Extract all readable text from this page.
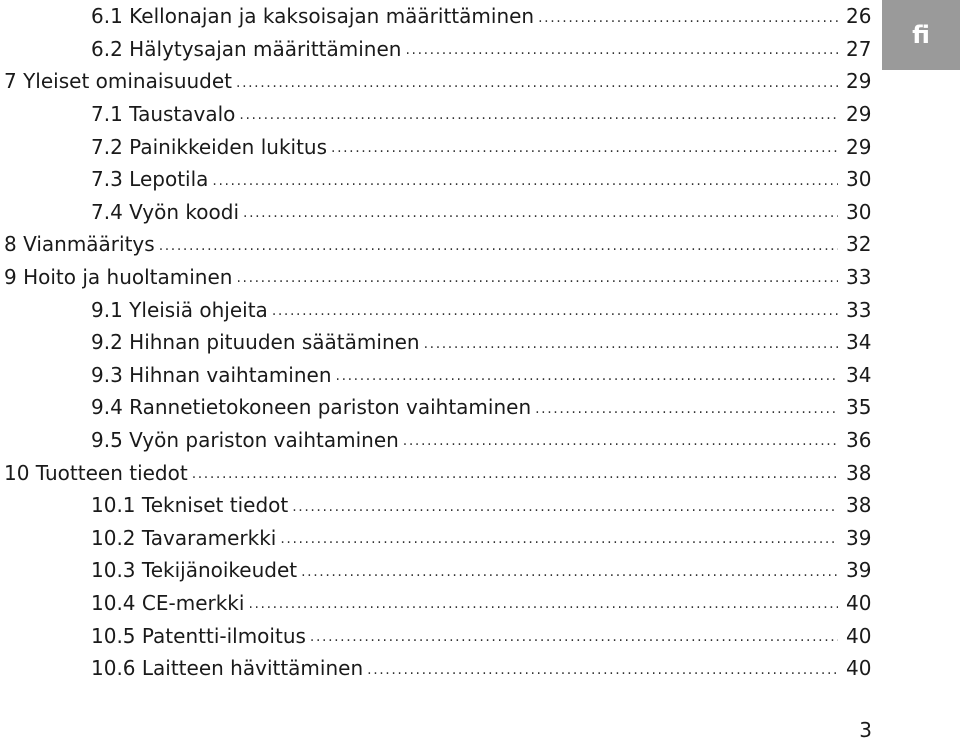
fi
6.1 Kellonajan ja kaksoisajan määrittäminen .....	26
6.2 Hälytysajan määrittäminen .....	27
7 Yleiset ominaisuudet .....	29
7.1 Taustavalo .....	29
7.2 Painikkeiden lukitus .....	29
7.3 Lepotila .....	30
7.4 Vyön koodi .....	30
8 Vianmääritys .....	32
9 Hoito ja huoltaminen .....	33
9.1 Yleisiä ohjeita .....	33
9.2 Hihnan pituuden säätäminen .....	34
9.3 Hihnan vaihtaminen .....	34
9.4 Rannetietokoneen pariston vaihtaminen .....	35
9.5 Vyön pariston vaihtaminen .....	36
10 Tuotteen tiedot .....	38
10.1 Tekniset tiedot .....	38
10.2 Tavaramerkki .....	39
10.3 Tekijänoikeudet .....	39
10.4 CE-merkki .....	40
10.5 Patentti-ilmoitus .....	40
10.6 Laitteen hävittäminen .....	40
3
